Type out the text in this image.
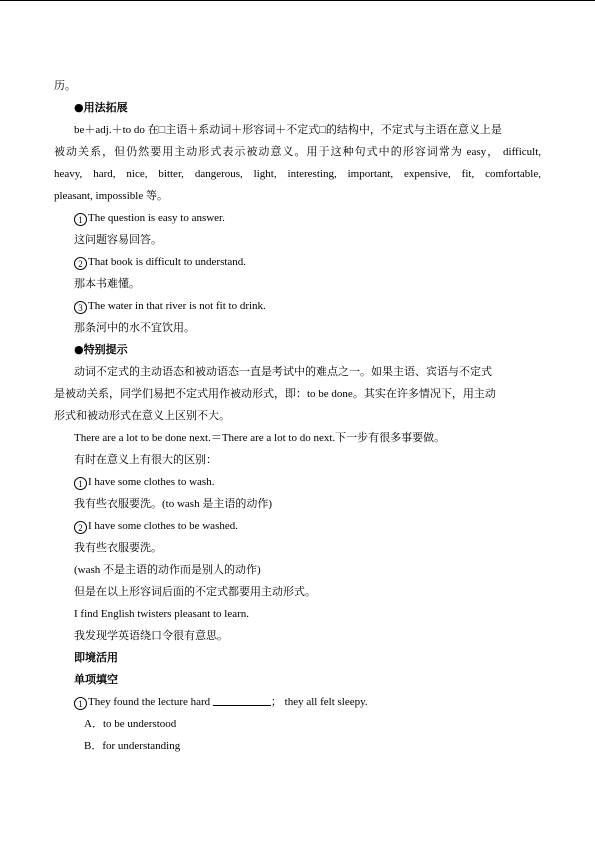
历。
●用法拓展
be＋adj.＋to do 在□主语＋系动词＋形容词＋不定式□的结构中，不定式与主语在意义上是
被动关系，但仍然要用主动形式表示被动意义。用于这种句式中的形容词常为 easy， difficult,
heavy, hard, nice, bitter, dangerous, light, interesting, important, expensive, fit, comfortable,
pleasant, impossible 等。
1 The question is easy to answer.
这问题容易回答。
2 That book is difficult to understand.
那本书难懂。
3 The water in that river is not fit to drink.
那条河中的水不宜饮用。
●特别提示
动词不定式的主动语态和被动语态一直是考试中的难点之一。如果主语、宾语与不定式
是被动关系，同学们易把不定式用作被动形式，即：to be done。其实在许多情况下，用主动
形式和被动形式在意义上区别不大。
There are a lot to be done next.＝There are a lot to do next.下一步有很多事要做。
有时在意义上有很大的区别：
1 I have some clothes to wash.
我有些衣服要洗。(to wash 是主语的动作)
2 I have some clothes to be washed.
我有些衣服要洗。
(wash 不是主语的动作而是别人的动作)
但是在以上形容词后面的不定式都要用主动形式。
I find English twisters pleasant to learn.
我发现学英语绕口令很有意思。
即境活用
单项填空
1 They found the lecture hard	； they all felt sleepy.
A．to be understood
B．for understanding
